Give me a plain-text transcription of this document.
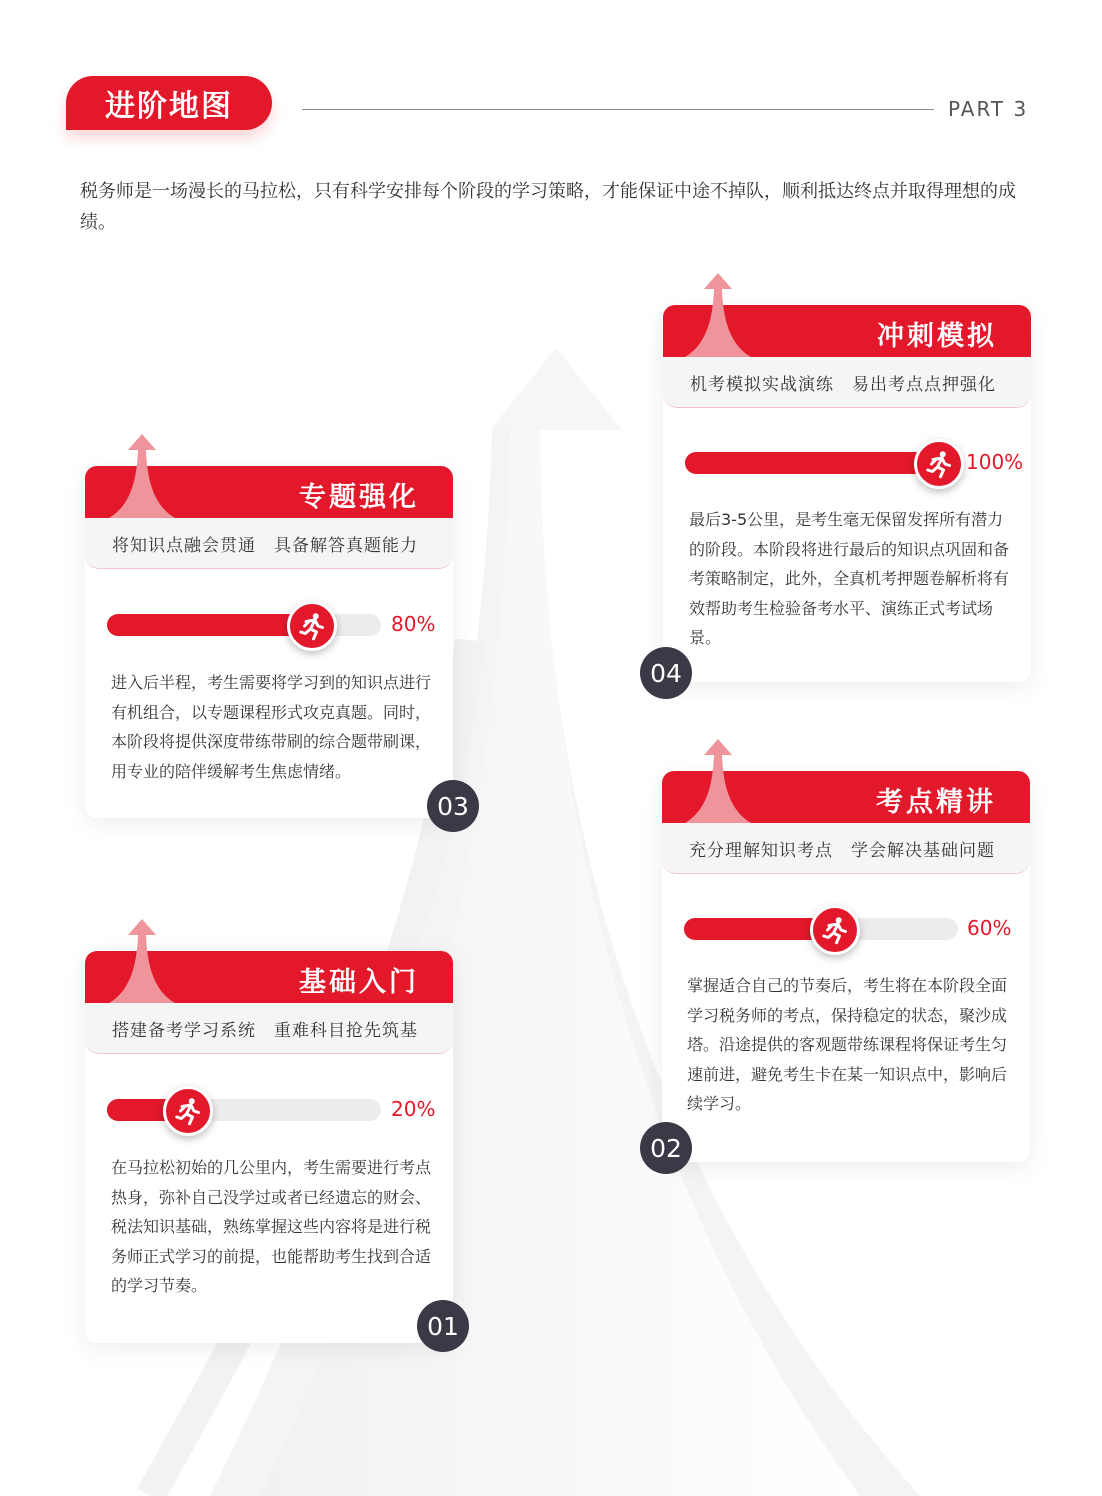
进阶地图	PART 3
税务师是一场漫长的马拉松，只有科学安排每个阶段的学习策略，才能保证中途不掉队，顺利抵达终点并取得理想的成绩。
专题强化
将知识点融会贯通　具备解答真题能力
80%
进入后半程，考生需要将学习到的知识点进行有机组合，以专题课程形式攻克真题。同时，本阶段将提供深度带练带刷的综合题带刷课，用专业的陪伴缓解考生焦虑情绪。
03
基础入门
搭建备考学习系统　重难科目抢先筑基
20%
在马拉松初始的几公里内，考生需要进行考点热身，弥补自己没学过或者已经遗忘的财会、税法知识基础，熟练掌握这些内容将是进行税务师正式学习的前提，也能帮助考生找到合适的学习节奏。
01
冲刺模拟
机考模拟实战演练　易出考点点押强化
100%
最后3-5公里，是考生毫无保留发挥所有潜力的阶段。本阶段将进行最后的知识点巩固和备考策略制定，此外，全真机考押题卷解析将有效帮助考生检验备考水平、演练正式考试场景。
04
考点精讲
充分理解知识考点　学会解决基础问题
60%
掌握适合自己的节奏后，考生将在本阶段全面学习税务师的考点，保持稳定的状态，聚沙成塔。沿途提供的客观题带练课程将保证考生匀速前进，避免考生卡在某一知识点中，影响后续学习。
02
